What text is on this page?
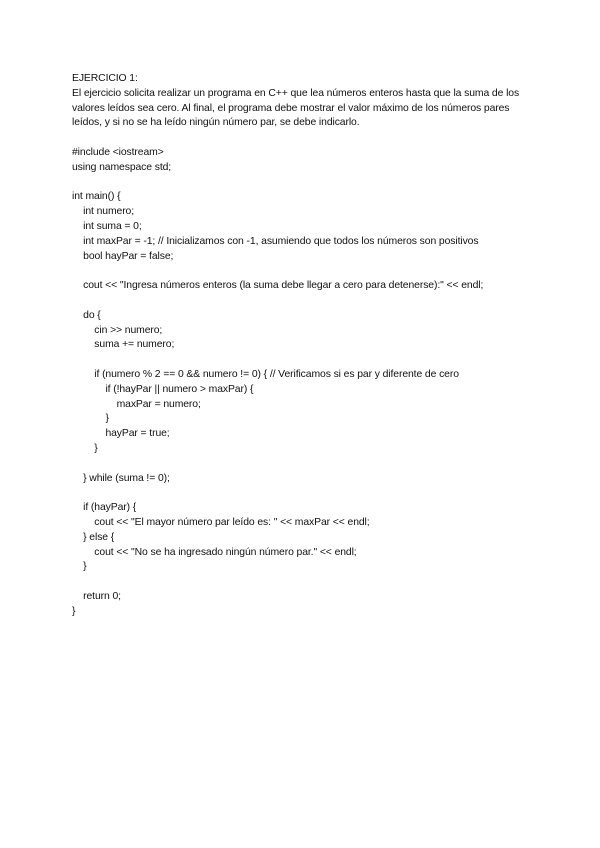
EJERCICIO 1:

El ejercicio solicita realizar un programa en C++ que lea números enteros hasta que la suma de los valores leídos sea cero. Al final, el programa debe mostrar el valor máximo de los números pares leídos, y si no se ha leído ningún número par, se debe indicarlo.

#include <iostream>
using namespace std;
int main() {
int numero;
int suma = 0;
int maxPar = -1; // Inicializamos con -1, asumiendo que todos los números son positivos
bool hayPar = false;
cout << "Ingresa números enteros (la suma debe llegar a cero para detenerse):" << endl;
do {
cin >> numero;
suma += numero;
if (numero % 2 == 0 && numero != 0) { // Verificamos si es par y diferente de cero
if (!hayPar || numero > maxPar) {
maxPar = numero;
}
hayPar = true;
}
} while (suma != 0);
if (hayPar) {
cout << "El mayor número par leído es: " << maxPar << endl;
} else {
cout << "No se ha ingresado ningún número par." << endl;
}
return 0;
}
